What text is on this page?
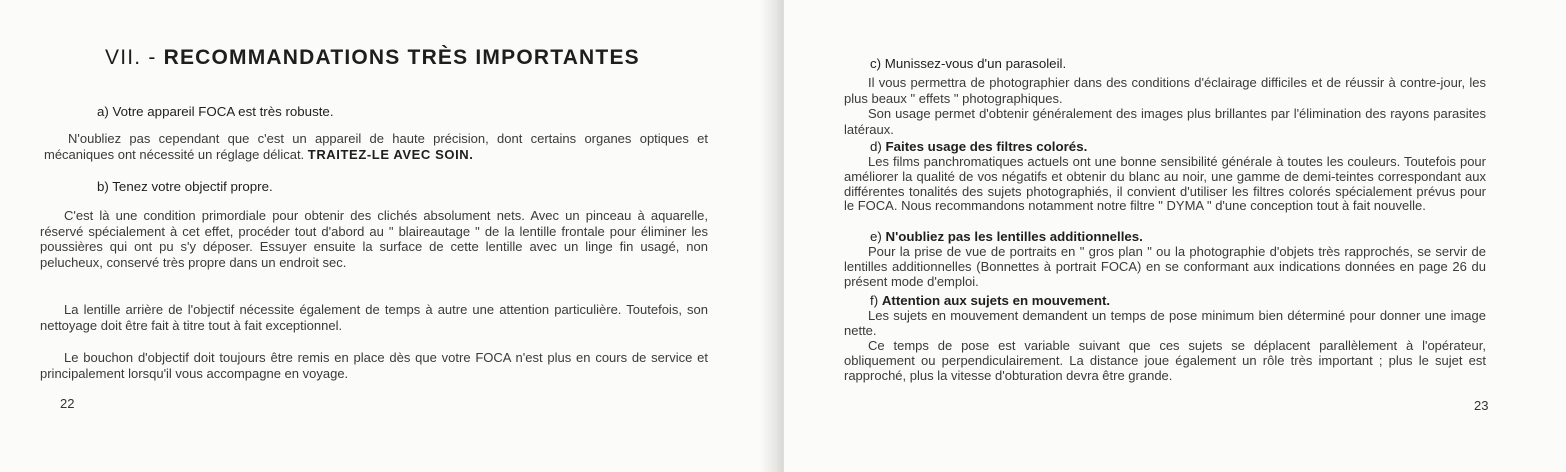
VII. - RECOMMANDATIONS TRÈS IMPORTANTES
a) Votre appareil FOCA est très robuste.
N'oubliez pas cependant que c'est un appareil de haute précision, dont certains organes optiques et mécaniques ont nécessité un réglage délicat. TRAITEZ-LE AVEC SOIN.
b) Tenez votre objectif propre.
C'est là une condition primordiale pour obtenir des clichés absolument nets. Avec un pinceau à aquarelle, réservé spécialement à cet effet, procéder tout d'abord au " blaireautage " de la lentille frontale pour éliminer les poussières qui ont pu s'y déposer. Essuyer ensuite la surface de cette lentille avec un linge fin usagé, non pelucheux, conservé très propre dans un endroit sec.
La lentille arrière de l'objectif nécessite également de temps à autre une attention particulière. Toutefois, son nettoyage doit être fait à titre tout à fait exceptionnel.
Le bouchon d'objectif doit toujours être remis en place dès que votre FOCA n'est plus en cours de service et principalement lorsqu'il vous accompagne en voyage.
22
c) Munissez-vous d'un parasoleil.
Il vous permettra de photographier dans des conditions d'éclairage difficiles et de réussir à contre-jour, les plus beaux " effets " photographiques.
Son usage permet d'obtenir généralement des images plus brillantes par l'élimination des rayons parasites latéraux.
d) Faites usage des filtres colorés.
Les films panchromatiques actuels ont une bonne sensibilité générale à toutes les couleurs. Toutefois pour améliorer la qualité de vos négatifs et obtenir du blanc au noir, une gamme de demi-teintes correspondant aux différentes tonalités des sujets photographiés, il convient d'utiliser les filtres colorés spécialement prévus pour le FOCA. Nous recommandons notamment notre filtre " DYMA " d'une conception tout à fait nouvelle.
e) N'oubliez pas les lentilles additionnelles.
Pour la prise de vue de portraits en " gros plan " ou la photographie d'objets très rapprochés, se servir de lentilles additionnelles (Bonnettes à portrait FOCA) en se conformant aux indications données en page 26 du présent mode d'emploi.
f) Attention aux sujets en mouvement.
Les sujets en mouvement demandent un temps de pose minimum bien déterminé pour donner une image nette.
Ce temps de pose est variable suivant que ces sujets se déplacent parallèlement à l'opérateur, obliquement ou perpendiculairement. La distance joue également un rôle très important ; plus le sujet est rapproché, plus la vitesse d'obturation devra être grande.
23
